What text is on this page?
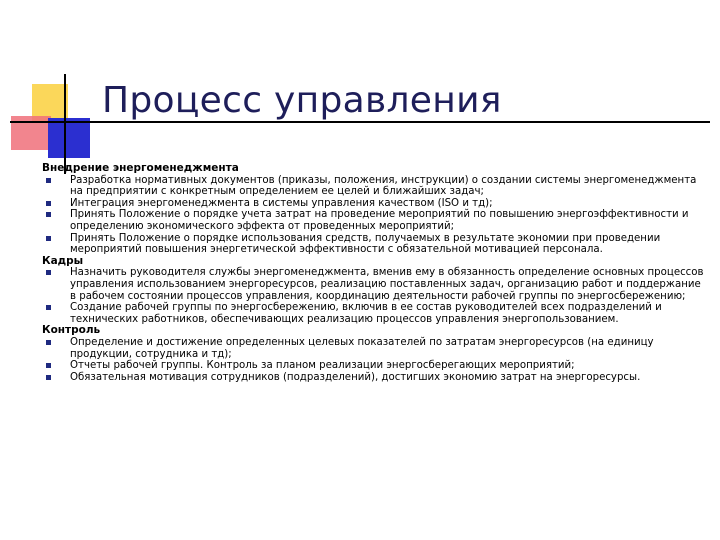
Процесс управления
Внедрение энергоменеджмента
Разработка нормативных документов (приказы, положения, инструкции) о создании системы энергоменеджмента на предприятии с конкретным определением ее целей и ближайших задач;
Интеграция энергоменеджмента в системы управления качеством (ISO и тд);
Принять Положение о порядке учета затрат на проведение мероприятий по повышению энергоэффективности и определению экономического эффекта от проведенных мероприятий;
Принять Положение о порядке использования средств, получаемых в результате экономии при проведении мероприятий повышения энергетической эффективности с обязательной мотивацией персонала.
Кадры
Назначить руководителя службы энергоменеджмента, вменив ему в обязанность определение основных процессов управления использованием энергоресурсов, реализацию поставленных задач, организацию работ и поддержание в рабочем состоянии процессов управления, координацию деятельности рабочей группы по энергосбережению;
Создание рабочей группы по энергосбережению, включив в ее состав руководителей всех подразделений и технических работников, обеспечивающих реализацию процессов управления энергопользованием.
Контроль
Определение и достижение определенных целевых показателей по затратам энергоресурсов (на единицу продукции, сотрудника и тд);
Отчеты рабочей группы. Контроль за планом реализации энергосберегающих мероприятий;
Обязательная мотивация сотрудников (подразделений), достигших экономию затрат на энергоресурсы.
